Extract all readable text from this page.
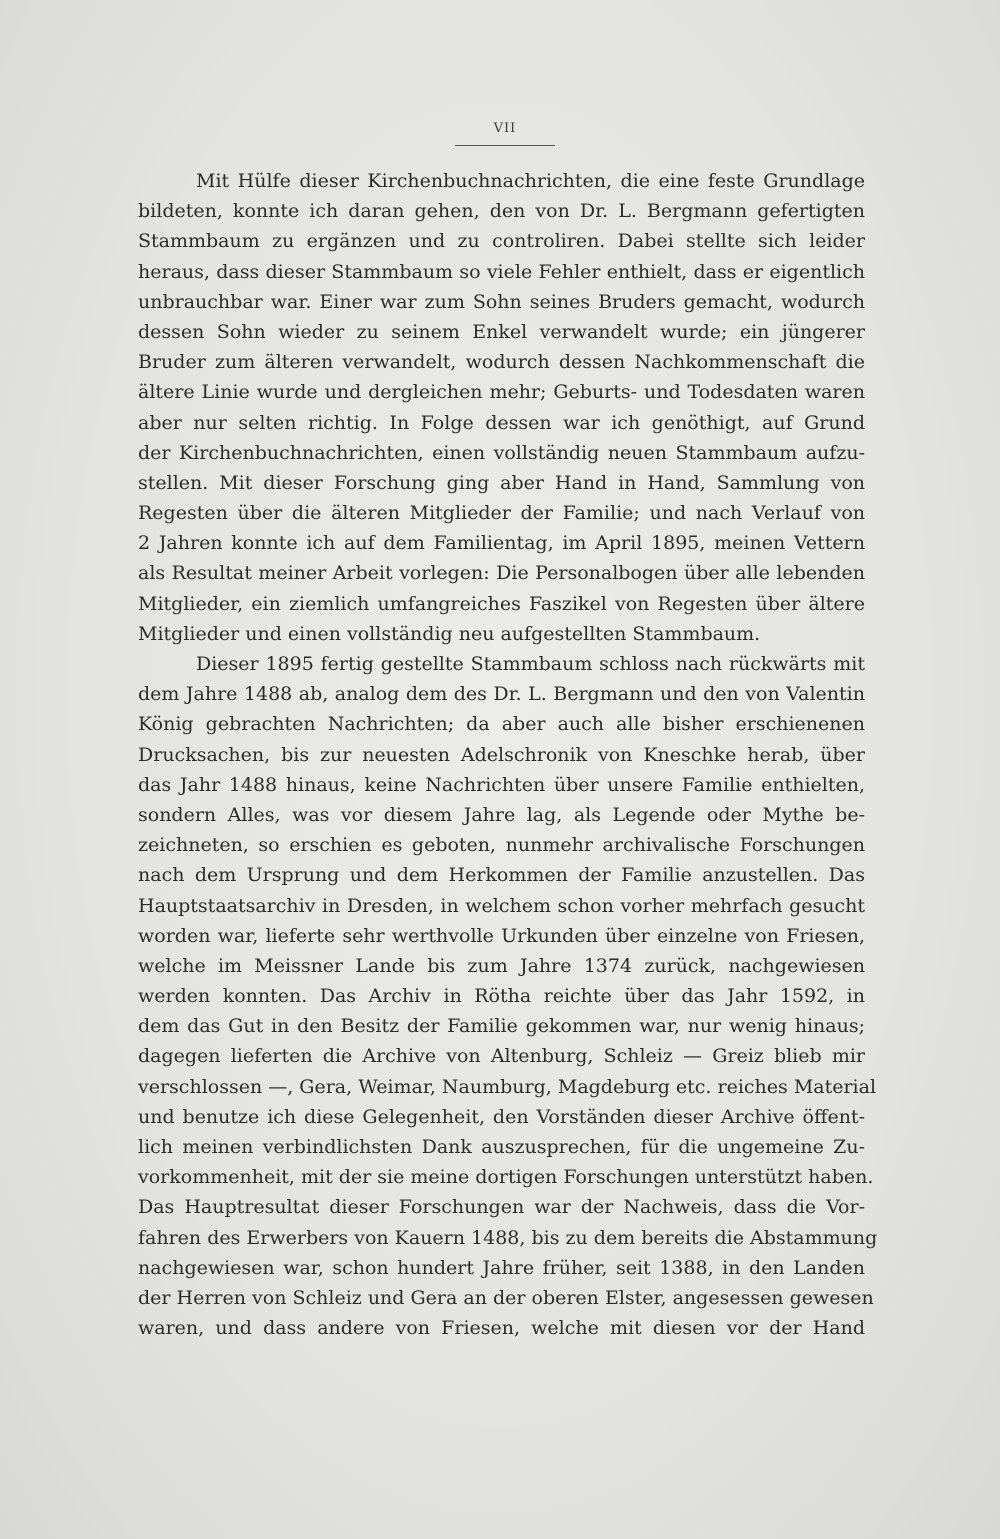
VII
Mit Hülfe dieser Kirchenbuchnachrichten, die eine feste Grundlage
bildeten, konnte ich daran gehen, den von Dr. L. Bergmann gefertigten
Stammbaum zu ergänzen und zu controliren. Dabei stellte sich leider
heraus, dass dieser Stammbaum so viele Fehler enthielt, dass er eigentlich
unbrauchbar war. Einer war zum Sohn seines Bruders gemacht, wodurch
dessen Sohn wieder zu seinem Enkel verwandelt wurde; ein jüngerer
Bruder zum älteren verwandelt, wodurch dessen Nachkommenschaft die
ältere Linie wurde und dergleichen mehr; Geburts- und Todesdaten waren
aber nur selten richtig. In Folge dessen war ich genöthigt, auf Grund
der Kirchenbuchnachrichten, einen vollständig neuen Stammbaum aufzu-
stellen. Mit dieser Forschung ging aber Hand in Hand, Sammlung von
Regesten über die älteren Mitglieder der Familie; und nach Verlauf von
2 Jahren konnte ich auf dem Familientag, im April 1895, meinen Vettern
als Resultat meiner Arbeit vorlegen: Die Personalbogen über alle lebenden
Mitglieder, ein ziemlich umfangreiches Faszikel von Regesten über ältere
Mitglieder und einen vollständig neu aufgestellten Stammbaum.
Dieser 1895 fertig gestellte Stammbaum schloss nach rückwärts mit
dem Jahre 1488 ab, analog dem des Dr. L. Bergmann und den von Valentin
König gebrachten Nachrichten; da aber auch alle bisher erschienenen
Drucksachen, bis zur neuesten Adelschronik von Kneschke herab, über
das Jahr 1488 hinaus, keine Nachrichten über unsere Familie enthielten,
sondern Alles, was vor diesem Jahre lag, als Legende oder Mythe be-
zeichneten, so erschien es geboten, nunmehr archivalische Forschungen
nach dem Ursprung und dem Herkommen der Familie anzustellen. Das
Hauptstaatsarchiv in Dresden, in welchem schon vorher mehrfach gesucht
worden war, lieferte sehr werthvolle Urkunden über einzelne von Friesen,
welche im Meissner Lande bis zum Jahre 1374 zurück, nachgewiesen
werden konnten. Das Archiv in Rötha reichte über das Jahr 1592, in
dem das Gut in den Besitz der Familie gekommen war, nur wenig hinaus;
dagegen lieferten die Archive von Altenburg, Schleiz — Greiz blieb mir
verschlossen —, Gera, Weimar, Naumburg, Magdeburg etc. reiches Material
und benutze ich diese Gelegenheit, den Vorständen dieser Archive öffent-
lich meinen verbindlichsten Dank auszusprechen, für die ungemeine Zu-
vorkommenheit, mit der sie meine dortigen Forschungen unterstützt haben.
Das Hauptresultat dieser Forschungen war der Nachweis, dass die Vor-
fahren des Erwerbers von Kauern 1488, bis zu dem bereits die Abstammung
nachgewiesen war, schon hundert Jahre früher, seit 1388, in den Landen
der Herren von Schleiz und Gera an der oberen Elster, angesessen gewesen
waren, und dass andere von Friesen, welche mit diesen vor der Hand
